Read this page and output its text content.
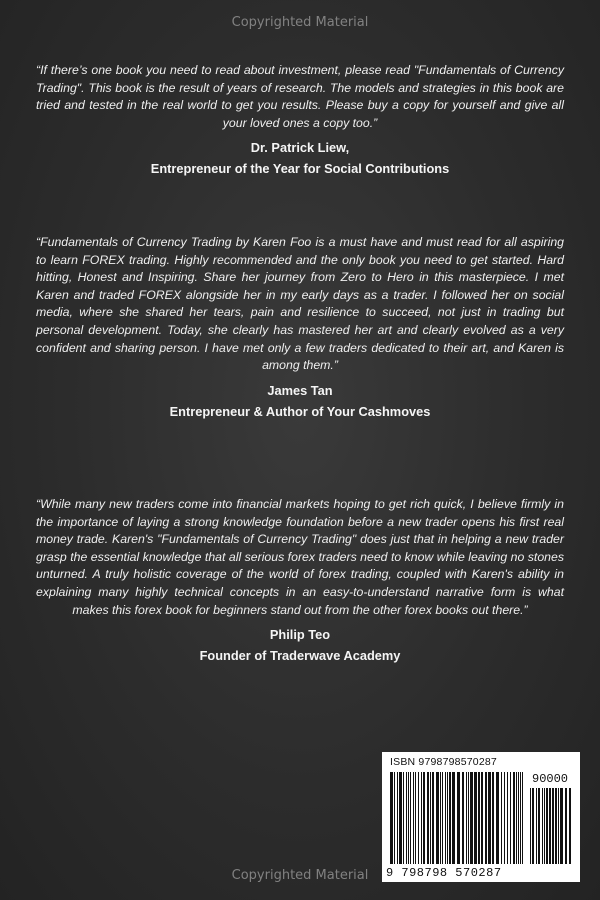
Copyrighted Material

“If there’s one book you need to read about investment, please read "Fundamentals of Currency Trading". This book is the result of years of research. The models and strategies in this book are tried and tested in the real world to get you results. Please buy a copy for yourself and give all your loved ones a copy too.”

Dr. Patrick Liew,

Entrepreneur of the Year for Social Contributions

“Fundamentals of Currency Trading by Karen Foo is a must have and must read for all aspiring to learn FOREX trading. Highly recommended and the only book you need to get started. Hard hitting, Honest and Inspiring. Share her journey from Zero to Hero in this masterpiece. I met Karen and traded FOREX alongside her in my early days as a trader. I followed her on social media, where she shared her tears, pain and resilience to succeed, not just in trading but personal development. Today, she clearly has mastered her art and clearly evolved as a very confident and sharing person. I have met only a few traders dedicated to their art, and Karen is among them.”

James Tan

Entrepreneur & Author of Your Cashmoves

“While many new traders come into financial markets hoping to get rich quick, I believe firmly in the importance of laying a strong knowledge foundation before a new trader opens his first real money trade. Karen's "Fundamentals of Currency Trading" does just that in helping a new trader grasp the essential knowledge that all serious forex traders need to know while leaving no stones unturned. A truly holistic coverage of the world of forex trading, coupled with Karen's ability in explaining many highly technical concepts in an easy-to-understand narrative form is what makes this forex book for beginners stand out from the other forex books out there.”

Philip Teo

Founder of Traderwave Academy

ISBN 9798798570287
90000
9 798798 570287
Copyrighted Material
